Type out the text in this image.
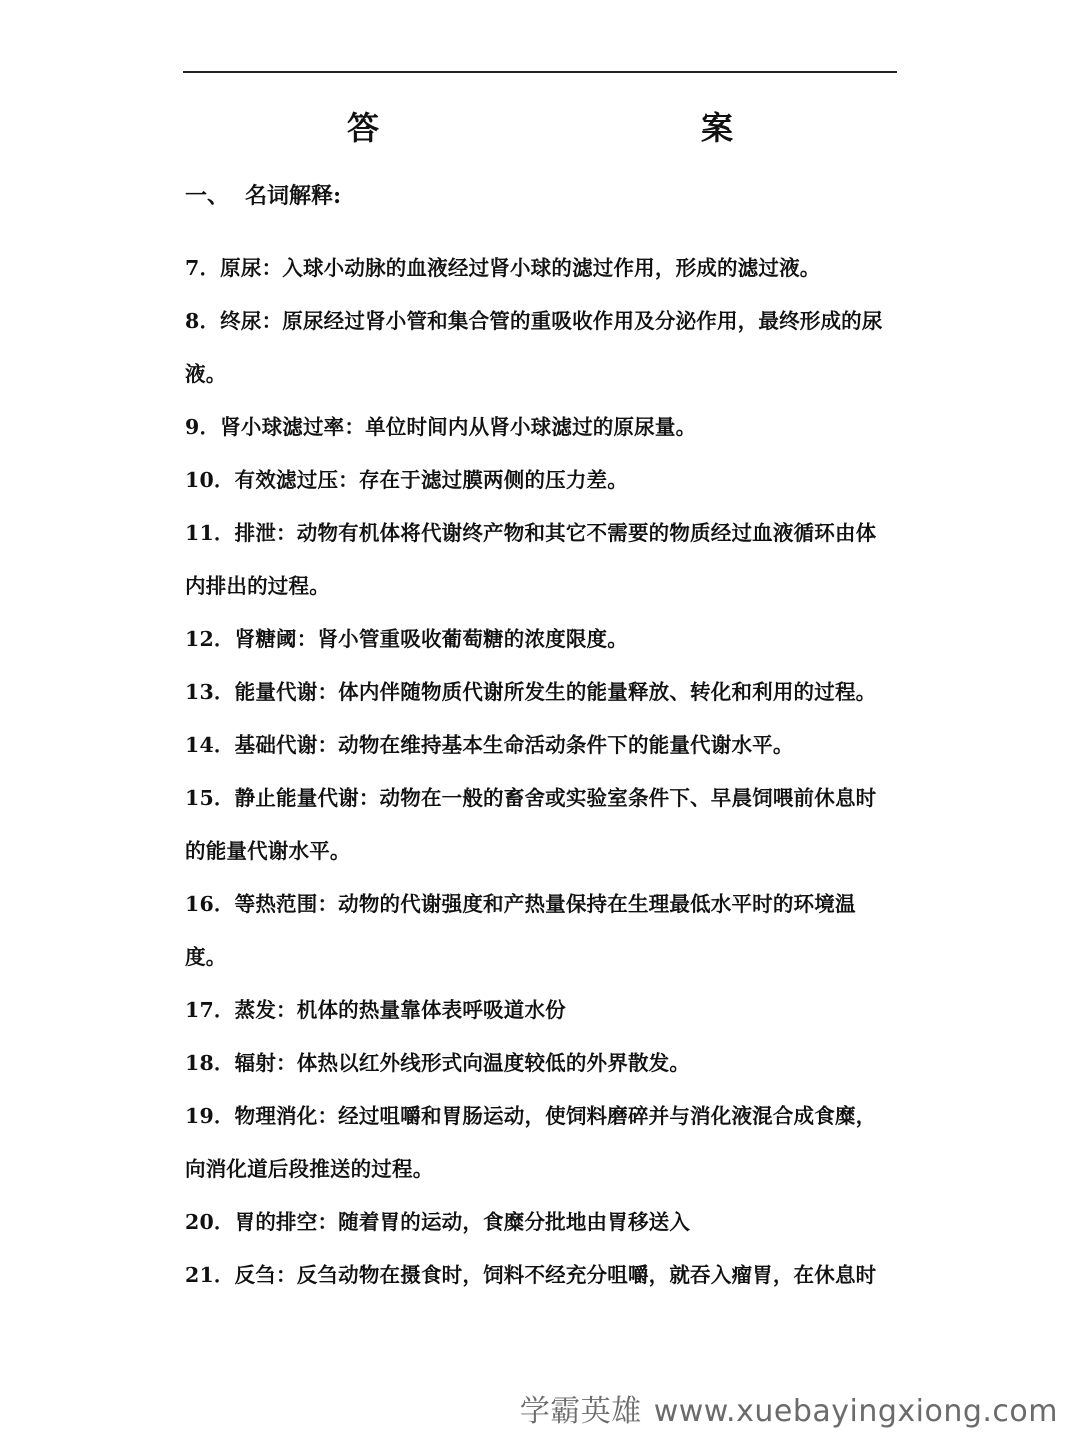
答　　案
一、 名词解释:

7．原尿：入球小动脉的血液经过肾小球的滤过作用，形成的滤过液。

8．终尿：原尿经过肾小管和集合管的重吸收作用及分泌作用，最终形成的尿液。

9．肾小球滤过率：单位时间内从肾小球滤过的原尿量。

10．有效滤过压：存在于滤过膜两侧的压力差。

11．排泄：动物有机体将代谢终产物和其它不需要的物质经过血液循环由体内排出的过程。

12．肾糖阈：肾小管重吸收葡萄糖的浓度限度。

13．能量代谢：体内伴随物质代谢所发生的能量释放、转化和利用的过程。

14．基础代谢：动物在维持基本生命活动条件下的能量代谢水平。

15．静止能量代谢：动物在一般的畜舍或实验室条件下、早晨饲喂前休息时的能量代谢水平。

16．等热范围：动物的代谢强度和产热量保持在生理最低水平时的环境温度。

17．蒸发：机体的热量靠体表呼吸道水份

18．辐射：体热以红外线形式向温度较低的外界散发。

19．物理消化：经过咀嚼和胃肠运动，使饲料磨碎并与消化液混合成食糜，向消化道后段推送的过程。

20．胃的排空：随着胃的运动，食糜分批地由胃移送入

21．反刍：反刍动物在摄食时，饲料不经充分咀嚼，就吞入瘤胃，在休息时

学霸英雄 www.xuebayingxiong.com
